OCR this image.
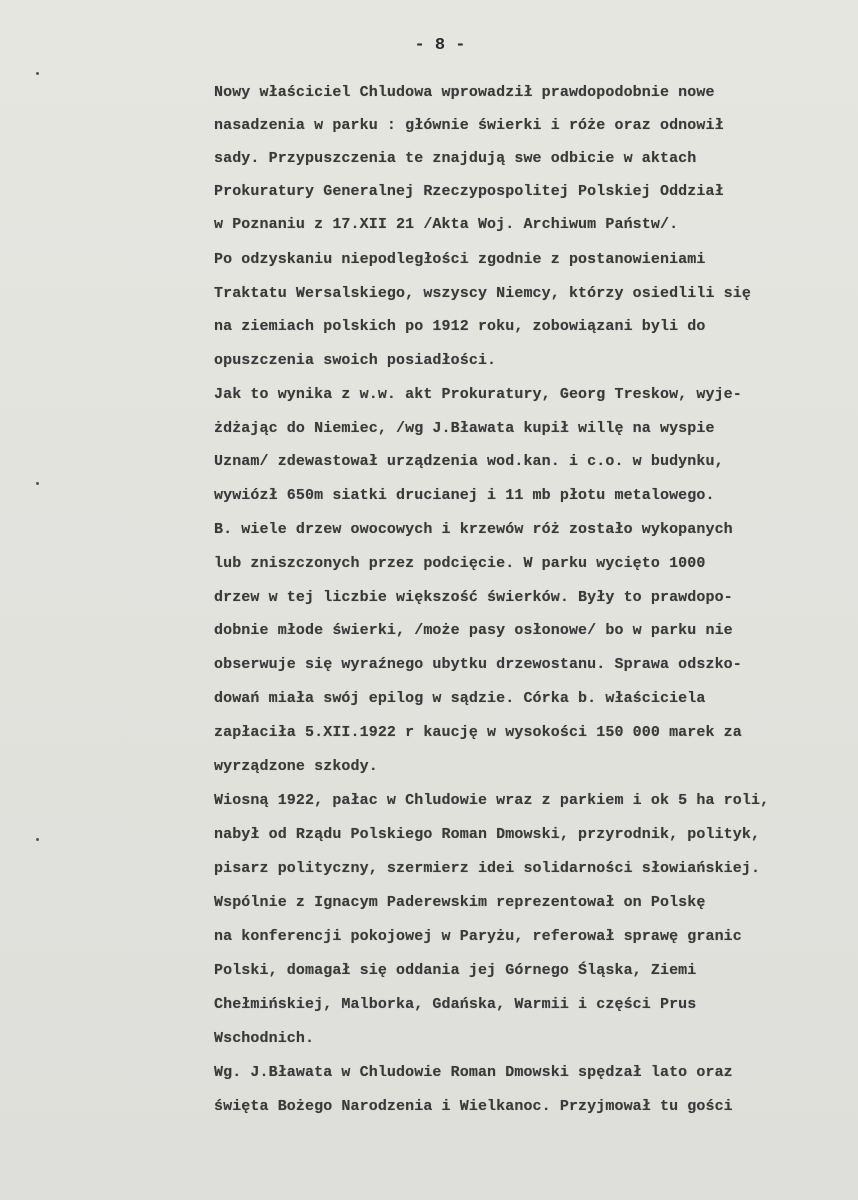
- 8 -
Nowy właściciel Chludowa wprowadził prawdopodobnie nowe
nasadzenia w parku : głównie świerki i róże oraz odnowił
sady. Przypuszczenia te znajdują swe odbicie w aktach
Prokuratury Generalnej Rzeczypospolitej Polskiej Oddział
w Poznaniu z 17.XII 21 /Akta Woj. Archiwum Państw/.
Po odzyskaniu niepodległości zgodnie z postanowieniami
Traktatu Wersalskiego, wszyscy Niemcy, którzy osiedlili się
na ziemiach polskich po 1912 roku, zobowiązani byli do
opuszczenia swoich posiadłości.
Jak to wynika z w.w. akt Prokuratury, Georg Treskow, wyje-
żdżając do Niemiec, /wg J.Bławata kupił willę na wyspie
Uznam/ zdewastował urządzenia wod.kan. i c.o. w budynku,
wywiózł 650m siatki drucianej i 11 mb płotu metalowego.
B. wiele drzew owocowych i krzewów róż zostało wykopanych
lub zniszczonych przez podcięcie. W parku wycięto 1000
drzew w tej liczbie większość świerków. Były to prawdopo-
dobnie młode świerki, /może pasy osłonowe/ bo w parku nie
obserwuje się wyraźnego ubytku drzewostanu. Sprawa odszko-
dowań miała swój epilog w sądzie. Córka b. właściciela
zapłaciła 5.XII.1922 r kaucję w wysokości 150 000 marek za
wyrządzone szkody.
Wiosną 1922, pałac w Chludowie wraz z parkiem i ok 5 ha roli,
nabył od Rządu Polskiego Roman Dmowski, przyrodnik, polityk,
pisarz polityczny, szermierz idei solidarności słowiańskiej.
Wspólnie z Ignacym Paderewskim reprezentował on Polskę
na konferencji pokojowej w Paryżu, referował sprawę granic
Polski, domagał się oddania jej Górnego Śląska, Ziemi
Chełmińskiej, Malborka, Gdańska, Warmii i części Prus
Wschodnich.
Wg. J.Bławata w Chludowie Roman Dmowski spędzał lato oraz
święta Bożego Narodzenia i Wielkanoc. Przyjmował tu gości
